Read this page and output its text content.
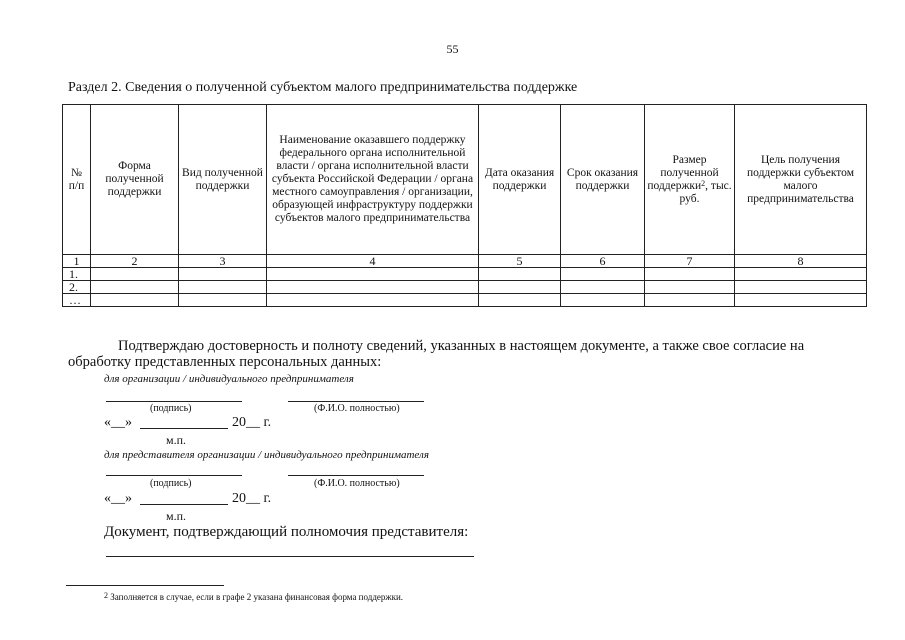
55
Раздел 2. Сведения о полученной субъектом малого предпринимательства поддержке
№ п/п	Форма полученной поддержки	Вид полученной поддержки	Наименование оказавшего поддержку федерального органа исполнительной власти / органа исполнительной власти субъекта Российской Федерации / органа местного самоуправления / организации, образующей инфраструктуру поддержки субъектов малого предпринимательства	Дата оказания поддержки	Срок оказания поддержки	Размер полученной поддержки$^2$, тыс. руб.	Цель получения поддержки субъектом малого предпринимательства
1	2	3	4	5	6	7	8
1.							
2.							
…							
Подтверждаю достоверность и полноту сведений, указанных в настоящем документе, а также свое согласие на обработку представленных персональных данных:
для организации / индивидуального предпринимателя
(подпись)	(Ф.И.О. полностью)
«__»	20__ г.
м.п.
для представителя организации / индивидуального предпринимателя
(подпись)	(Ф.И.О. полностью)
«__»	20__ г.
м.п.
Документ, подтверждающий полномочия представителя:
$^2$ Заполняется в случае, если в графе 2 указана финансовая форма поддержки.
